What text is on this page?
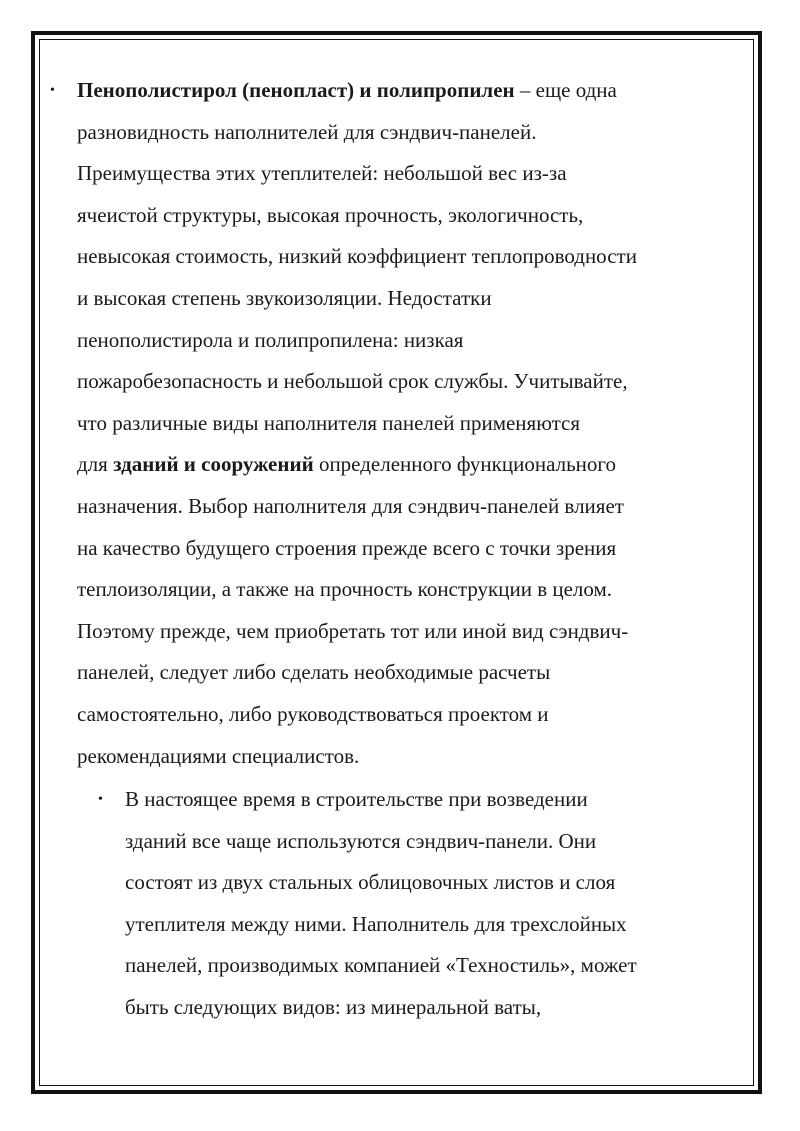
•	Пенополистирол (пенопласт) и полипропилен – еще одна
разновидность наполнителей для сэндвич-панелей.
Преимущества этих утеплителей: небольшой вес из-за
ячеистой структуры, высокая прочность, экологичность,
невысокая стоимость, низкий коэффициент теплопроводности
и высокая степень звукоизоляции. Недостатки
пенополистирола и полипропилена: низкая
пожаробезопасность и небольшой срок службы. Учитывайте,
что различные виды наполнителя панелей применяются
для зданий и сооружений определенного функционального
назначения. Выбор наполнителя для сэндвич-панелей влияет
на качество будущего строения прежде всего с точки зрения
теплоизоляции, а также на прочность конструкции в целом.
Поэтому прежде, чем приобретать тот или иной вид сэндвич-
панелей, следует либо сделать необходимые расчеты
самостоятельно, либо руководствоваться проектом и
рекомендациями специалистов.
•	В настоящее время в строительстве при возведении
зданий все чаще используются сэндвич-панели. Они
состоят из двух стальных облицовочных листов и слоя
утеплителя между ними. Наполнитель для трехслойных
панелей, производимых компанией «Техностиль», может
быть следующих видов: из минеральной ваты,
